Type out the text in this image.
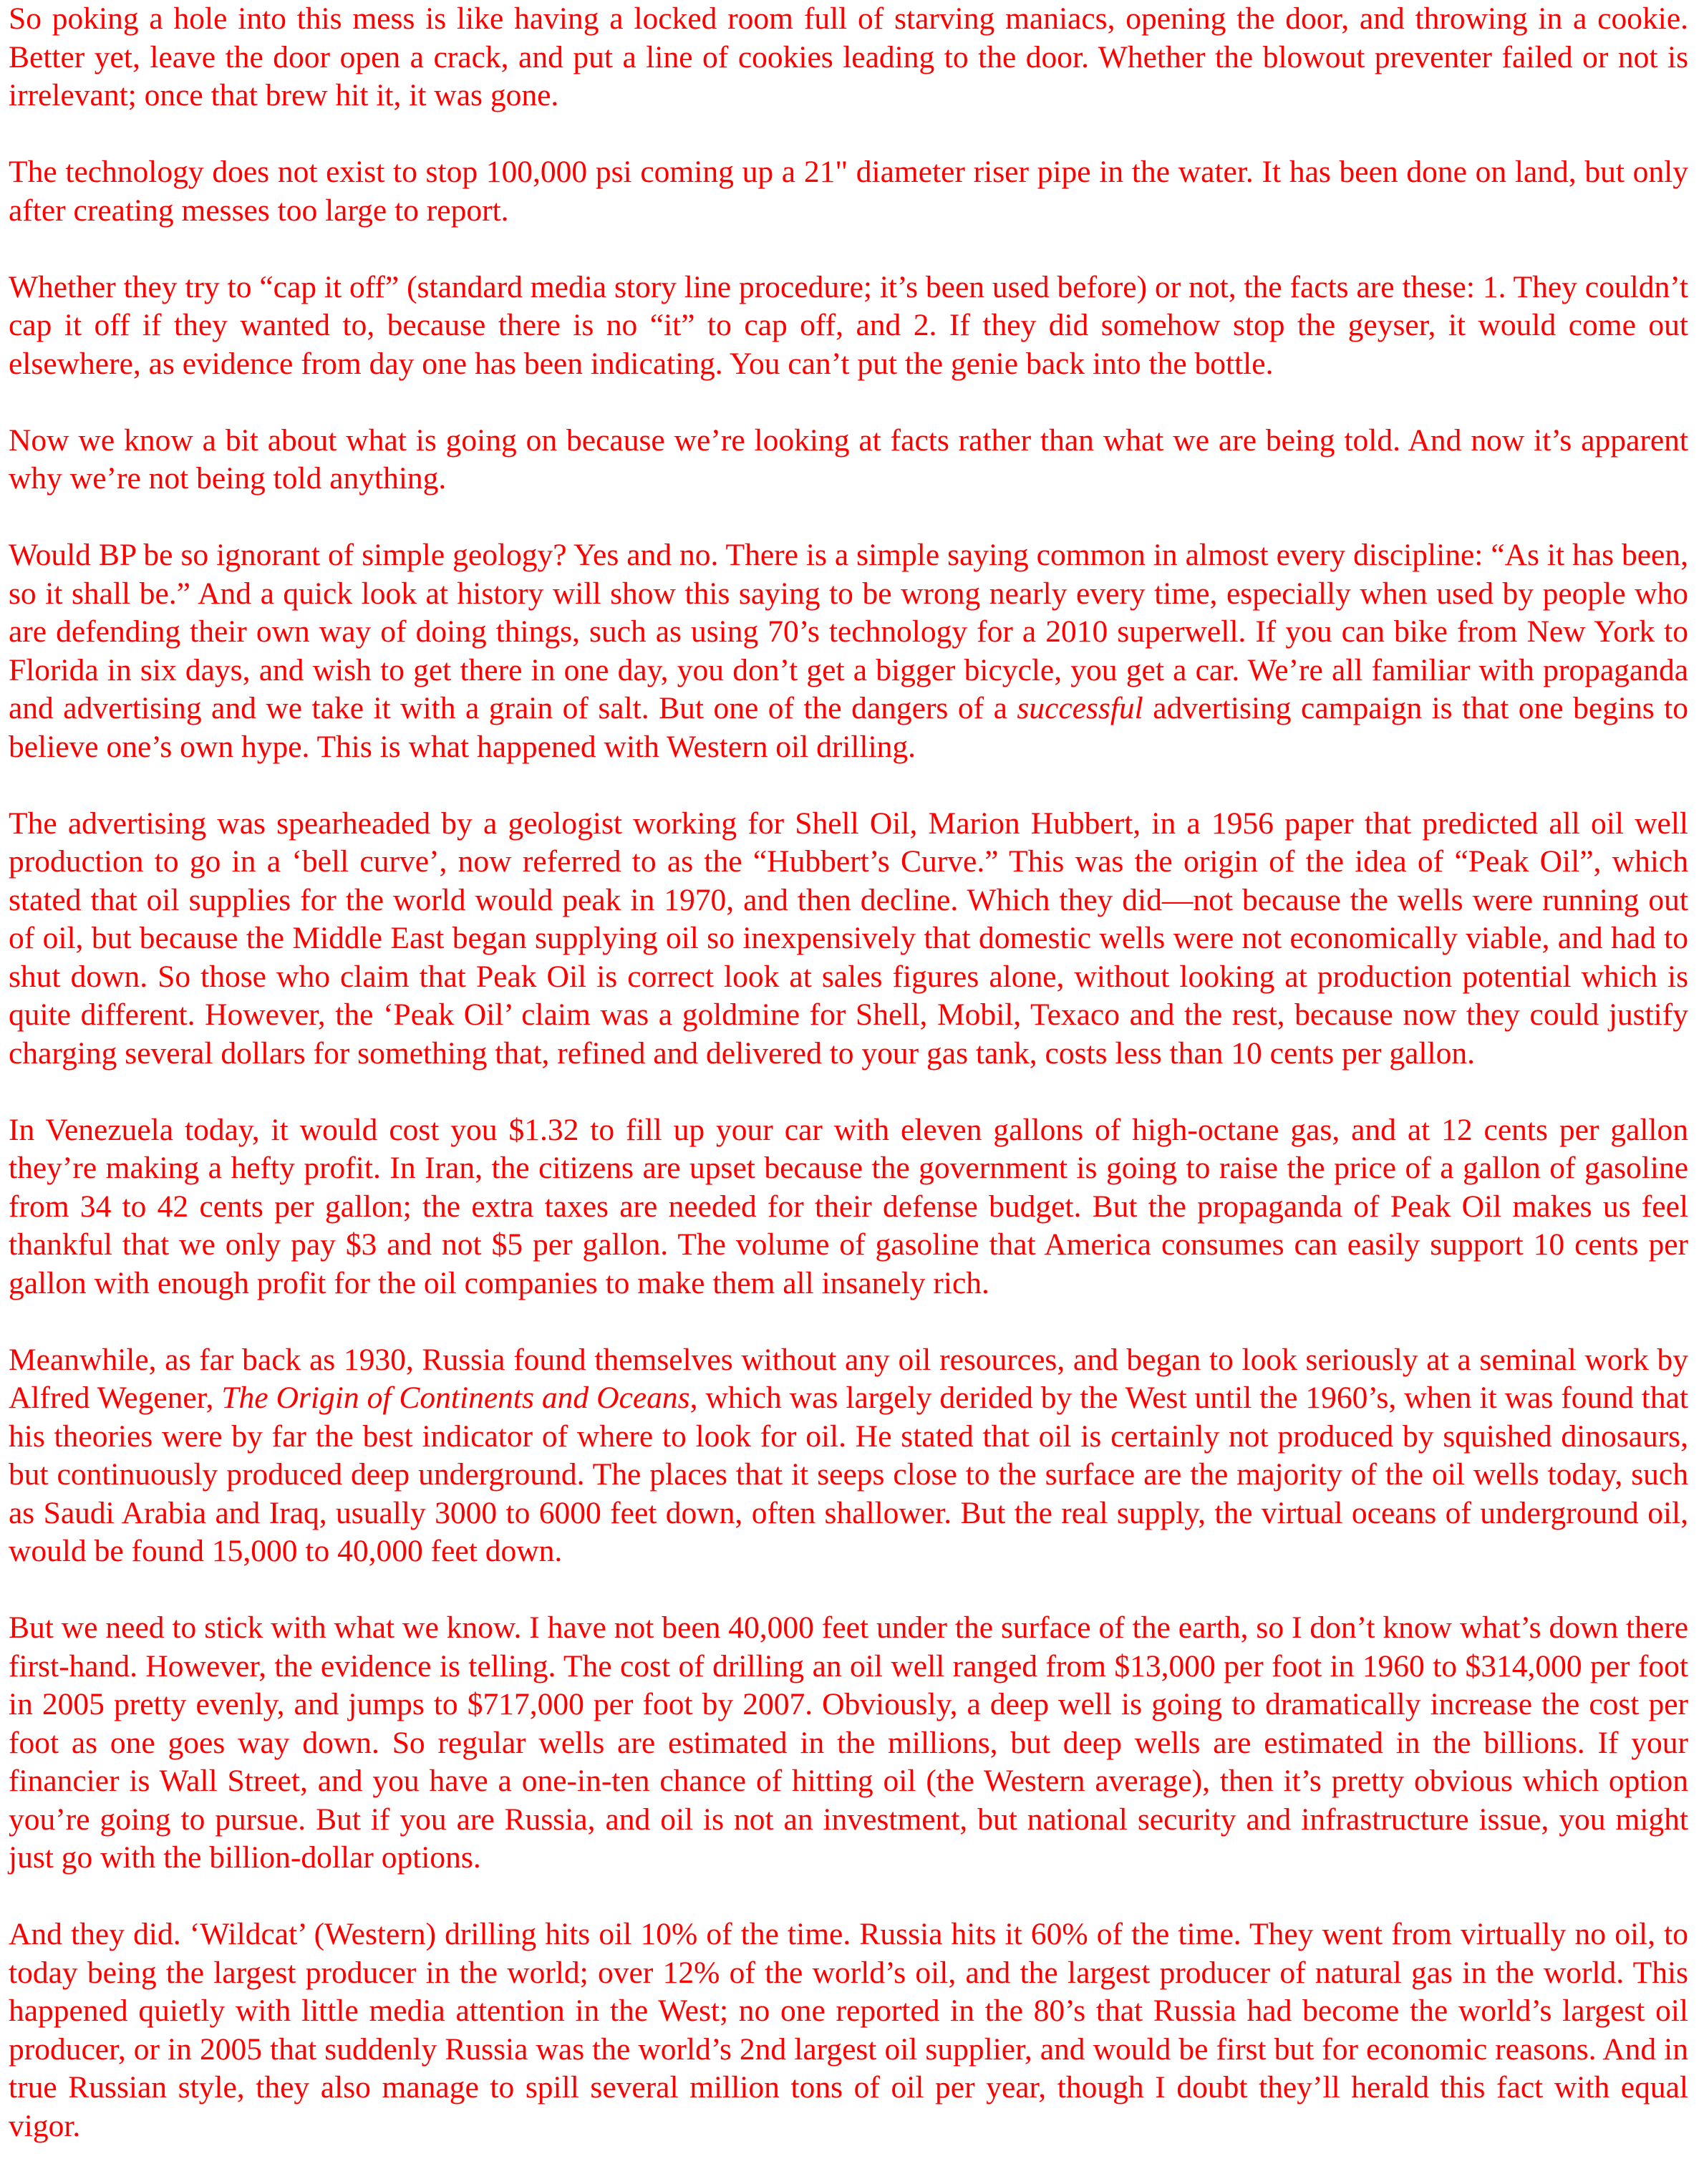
So poking a hole into this mess is like having a locked room full of starving maniacs, opening the door, and throwing in a cookie. Better yet, leave the door open a crack, and put a line of cookies leading to the door. Whether the blowout preventer failed or not is irrelevant; once that brew hit it, it was gone.

The technology does not exist to stop 100,000 psi coming up a 21" diameter riser pipe in the water. It has been done on land, but only after creating messes too large to report.

Whether they try to “cap it off” (standard media story line procedure; it’s been used before) or not, the facts are these: 1. They couldn’t cap it off if they wanted to, because there is no “it” to cap off, and 2. If they did somehow stop the geyser, it would come out elsewhere, as evidence from day one has been indicating. You can’t put the genie back into the bottle.

Now we know a bit about what is going on because we’re looking at facts rather than what we are being told. And now it’s apparent why we’re not being told anything.

Would BP be so ignorant of simple geology? Yes and no. There is a simple saying common in almost every discipline: “As it has been, so it shall be.” And a quick look at history will show this saying to be wrong nearly every time, especially when used by people who are defending their own way of doing things, such as using 70’s technology for a 2010 superwell. If you can bike from New York to Florida in six days, and wish to get there in one day, you don’t get a bigger bicycle, you get a car. We’re all familiar with propaganda and advertising and we take it with a grain of salt. But one of the dangers of a successful advertising campaign is that one begins to believe one’s own hype. This is what happened with Western oil drilling.

The advertising was spearheaded by a geologist working for Shell Oil, Marion Hubbert, in a 1956 paper that predicted all oil well production to go in a ‘bell curve’, now referred to as the “Hubbert’s Curve.” This was the origin of the idea of “Peak Oil”, which stated that oil supplies for the world would peak in 1970, and then decline. Which they did—not because the wells were running out of oil, but because the Middle East began supplying oil so inexpensively that domestic wells were not economically viable, and had to shut down. So those who claim that Peak Oil is correct look at sales figures alone, without looking at production potential which is quite different. However, the ‘Peak Oil’ claim was a goldmine for Shell, Mobil, Texaco and the rest, because now they could justify charging several dollars for something that, refined and delivered to your gas tank, costs less than 10 cents per gallon.

In Venezuela today, it would cost you $1.32 to fill up your car with eleven gallons of high-octane gas, and at 12 cents per gallon they’re making a hefty profit. In Iran, the citizens are upset because the government is going to raise the price of a gallon of gasoline from 34 to 42 cents per gallon; the extra taxes are needed for their defense budget. But the propaganda of Peak Oil makes us feel thankful that we only pay $3 and not $5 per gallon. The volume of gasoline that America consumes can easily support 10 cents per gallon with enough profit for the oil companies to make them all insanely rich.

Meanwhile, as far back as 1930, Russia found themselves without any oil resources, and began to look seriously at a seminal work by Alfred Wegener, The Origin of Continents and Oceans, which was largely derided by the West until the 1960’s, when it was found that his theories were by far the best indicator of where to look for oil. He stated that oil is certainly not produced by squished dinosaurs, but continuously produced deep underground. The places that it seeps close to the surface are the majority of the oil wells today, such as Saudi Arabia and Iraq, usually 3000 to 6000 feet down, often shallower. But the real supply, the virtual oceans of underground oil, would be found 15,000 to 40,000 feet down.

But we need to stick with what we know. I have not been 40,000 feet under the surface of the earth, so I don’t know what’s down there first-hand. However, the evidence is telling. The cost of drilling an oil well ranged from $13,000 per foot in 1960 to $314,000 per foot in 2005 pretty evenly, and jumps to $717,000 per foot by 2007. Obviously, a deep well is going to dramatically increase the cost per foot as one goes way down. So regular wells are estimated in the millions, but deep wells are estimated in the billions. If your financier is Wall Street, and you have a one-in-ten chance of hitting oil (the Western average), then it’s pretty obvious which option you’re going to pursue. But if you are Russia, and oil is not an investment, but national security and infrastructure issue, you might just go with the billion-dollar options.

And they did. ‘Wildcat’ (Western) drilling hits oil 10% of the time. Russia hits it 60% of the time. They went from virtually no oil, to today being the largest producer in the world; over 12% of the world’s oil, and the largest producer of natural gas in the world. This happened quietly with little media attention in the West; no one reported in the 80’s that Russia had become the world’s largest oil producer, or in 2005 that suddenly Russia was the world’s 2nd largest oil supplier, and would be first but for economic reasons. And in true Russian style, they also manage to spill several million tons of oil per year, though I doubt they’ll herald this fact with equal vigor.
